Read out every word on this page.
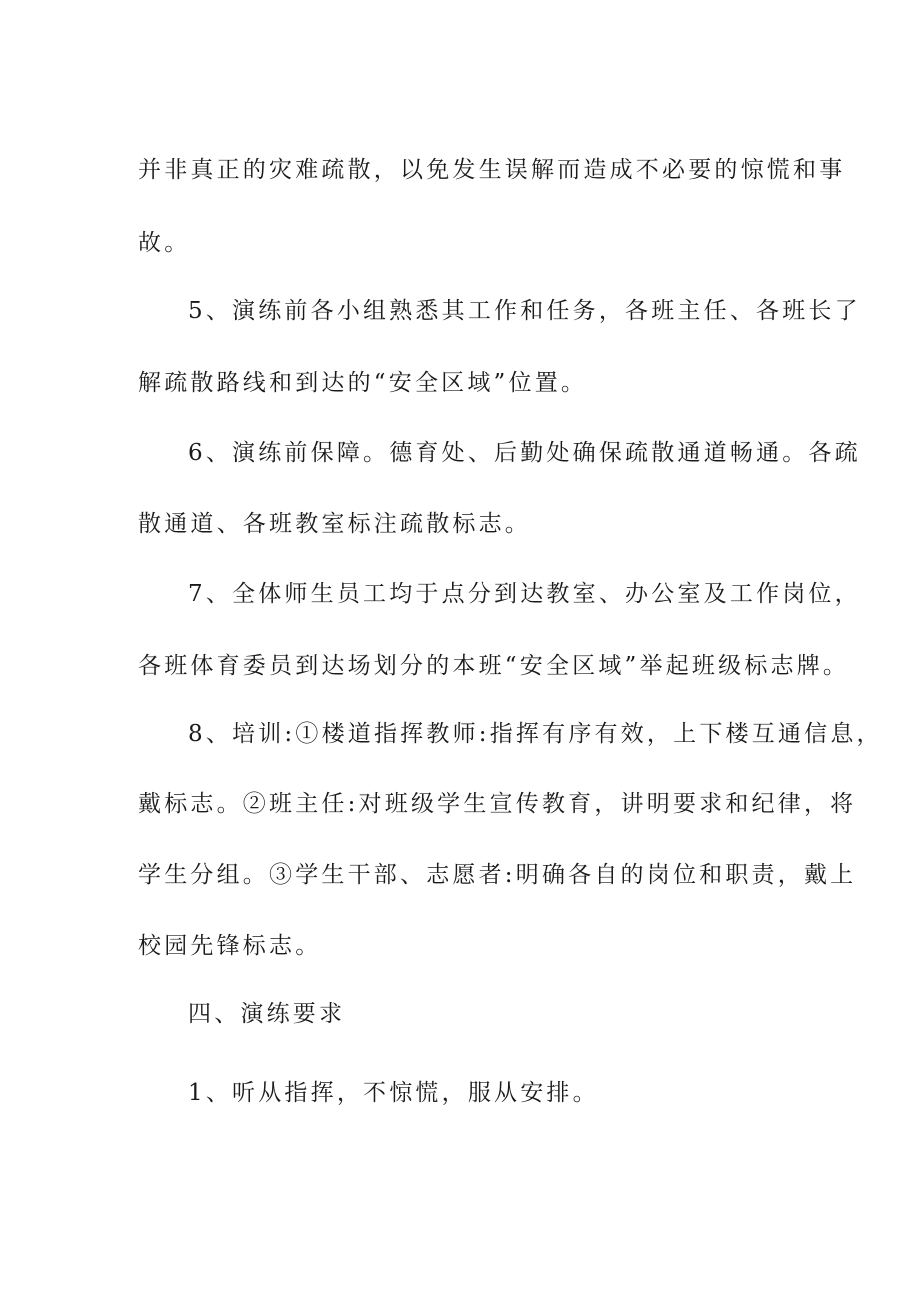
并非真正的灾难疏散，以免发生误解而造成不必要的惊慌和事
故。
5、演练前各小组熟悉其工作和任务，各班主任、各班长了
解疏散路线和到达的“安全区域”位置。
6、演练前保障。德育处、后勤处确保疏散通道畅通。各疏
散通道、各班教室标注疏散标志。
7、全体师生员工均于点分到达教室、办公室及工作岗位，
各班体育委员到达场划分的本班“安全区域”举起班级标志牌。
8、培训:①楼道指挥教师:指挥有序有效，上下楼互通信息，
戴标志。②班主任:对班级学生宣传教育，讲明要求和纪律，将
学生分组。③学生干部、志愿者:明确各自的岗位和职责，戴上
校园先锋标志。
四、演练要求
1、听从指挥，不惊慌，服从安排。
